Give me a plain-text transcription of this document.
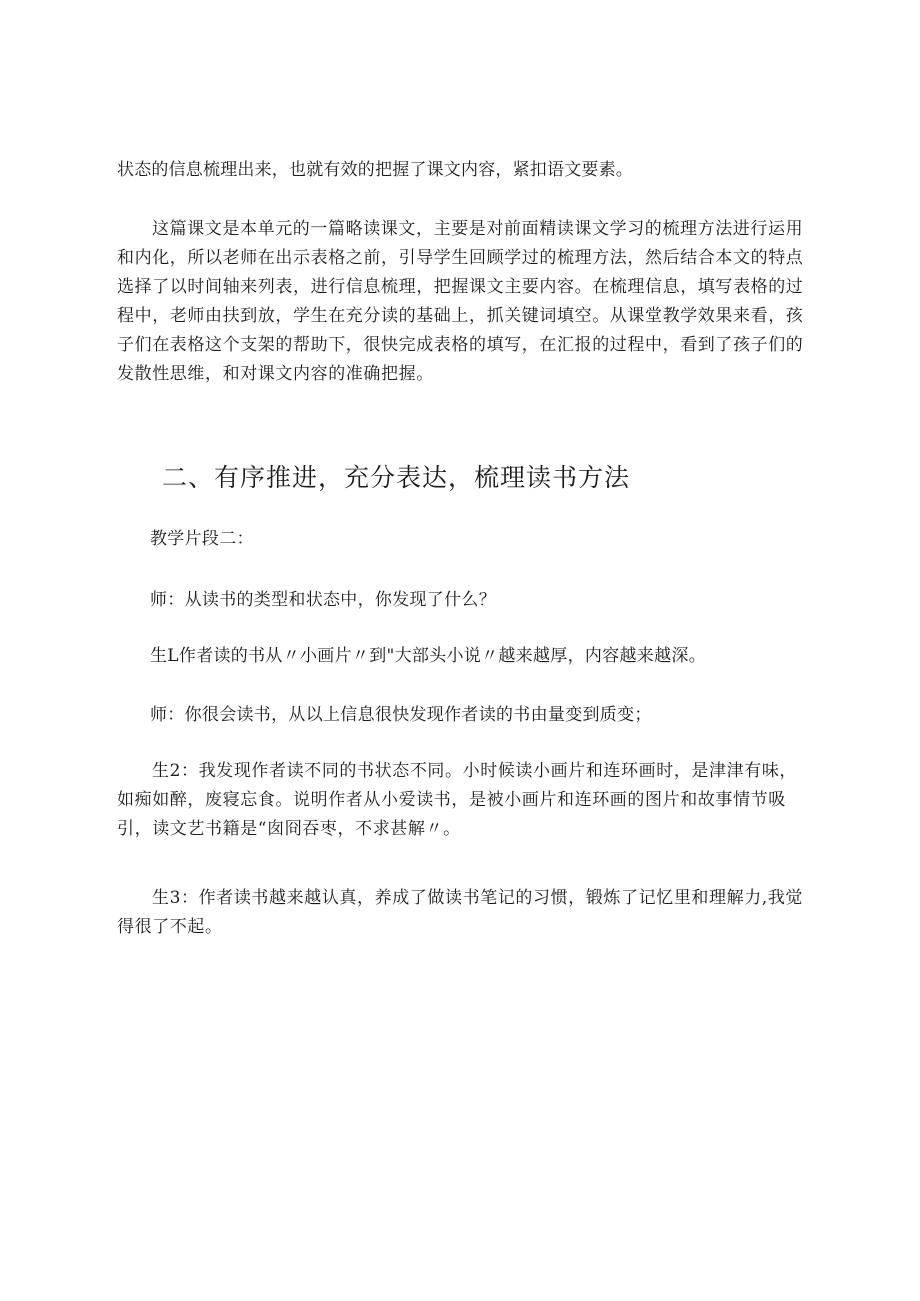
状态的信息梳理出来，也就有效的把握了课文内容，紧扣语文要素。
这篇课文是本单元的一篇略读课文，主要是对前面精读课文学习的梳理方法进行运用和内化，所以老师在出示表格之前，引导学生回顾学过的梳理方法，然后结合本文的特点选择了以时间轴来列表，进行信息梳理，把握课文主要内容。在梳理信息，填写表格的过程中，老师由扶到放，学生在充分读的基础上，抓关键词填空。从课堂教学效果来看，孩子们在表格这个支架的帮助下，很快完成表格的填写，在汇报的过程中，看到了孩子们的发散性思维，和对课文内容的准确把握。
二、有序推进，充分表达，梳理读书方法
教学片段二：
师：从读书的类型和状态中，你发现了什么？
生L作者读的书从〃小画片〃到"大部头小说〃越来越厚，内容越来越深。
师：你很会读书，从以上信息很快发现作者读的书由量变到质变；
生2：我发现作者读不同的书状态不同。小时候读小画片和连环画时，是津津有味，如痴如醉，废寝忘食。说明作者从小爱读书，是被小画片和连环画的图片和故事情节吸引，读文艺书籍是“囱冏吞枣，不求甚解〃。
生3：作者读书越来越认真，养成了做读书笔记的习惯，锻炼了记忆里和理解力,我觉得很了不起。
